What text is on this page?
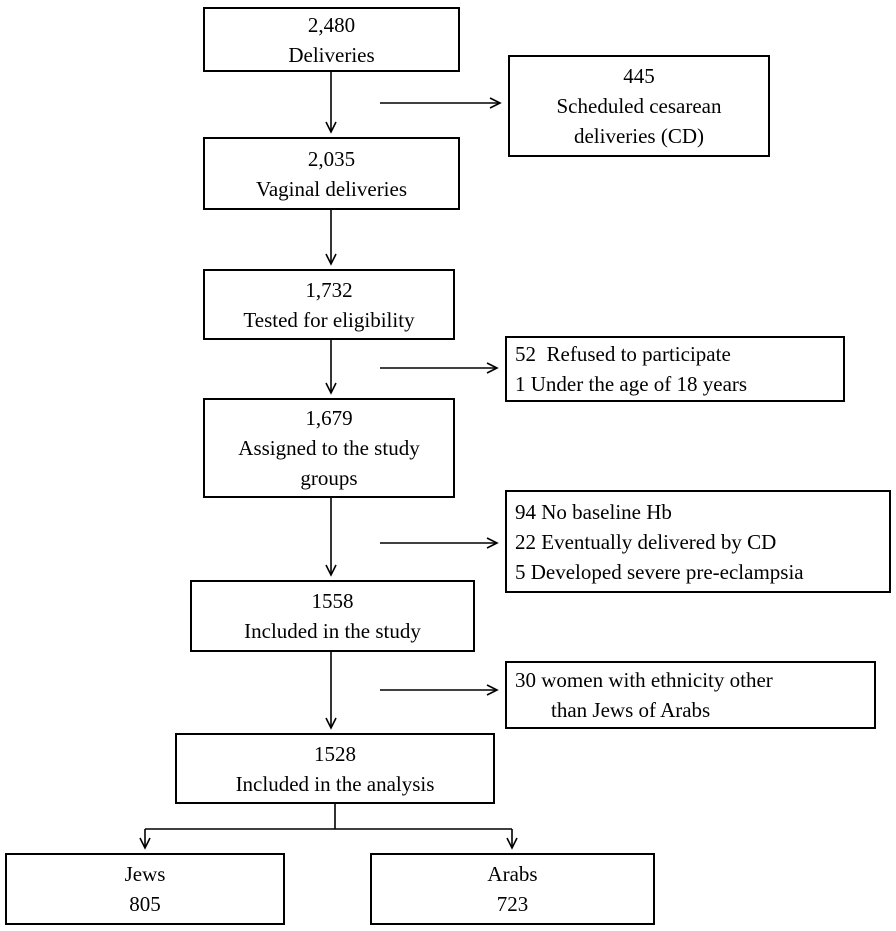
2,480
Deliveries
2,035
Vaginal deliveries
1,732
Tested for eligibility
1,679
Assigned to the study
groups
1558
Included in the study
1528
Included in the analysis
445
Scheduled cesarean
deliveries (CD)
52  Refused to participate
1 Under the age of 18 years
94 No baseline Hb
22 Eventually delivered by CD
5 Developed severe pre-eclampsia
30 women with ethnicity other
than Jews of Arabs
Jews
805
Arabs
723
